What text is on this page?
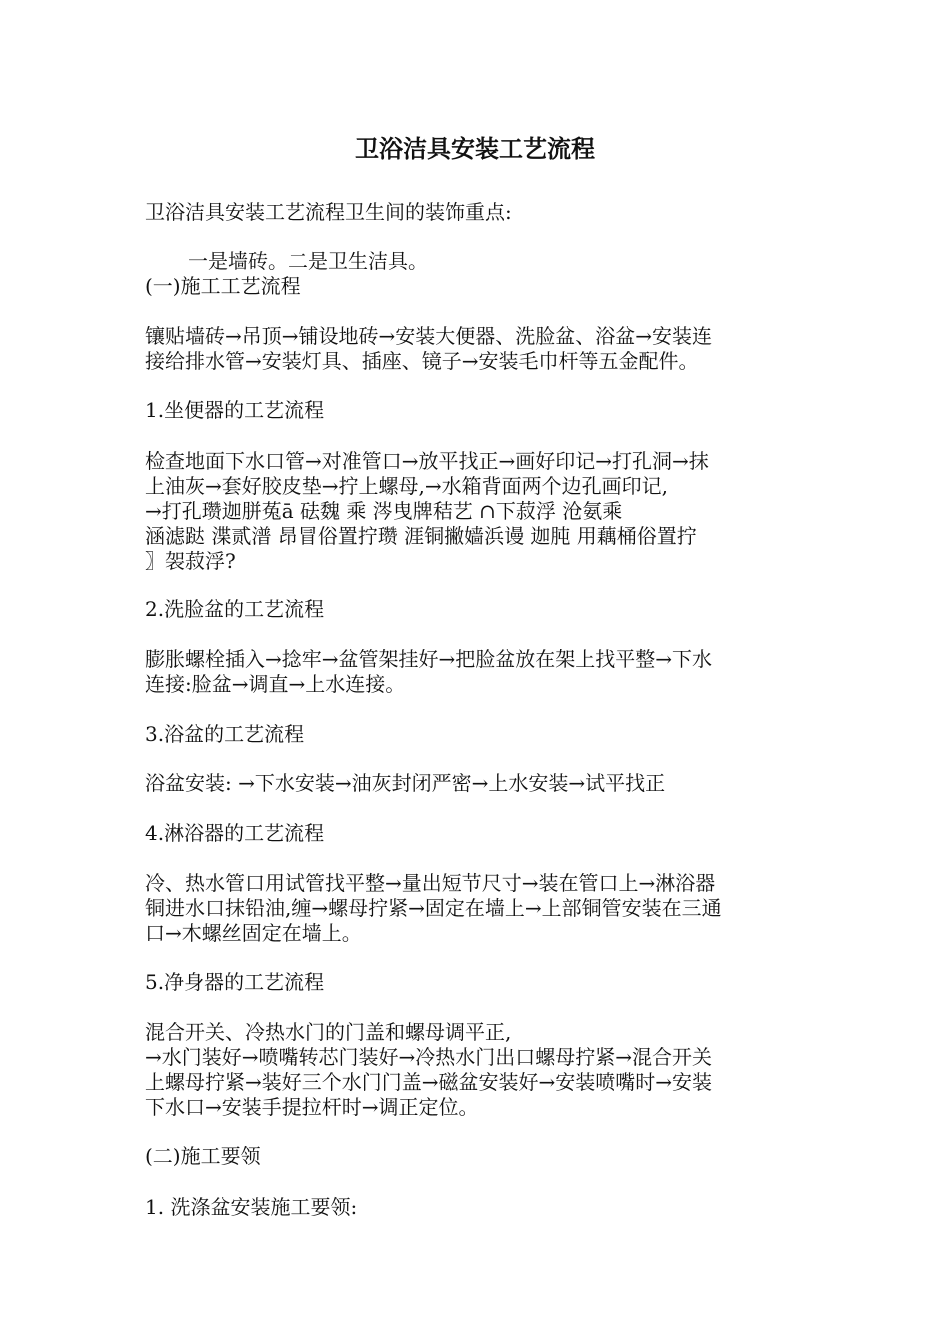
卫浴洁具安装工艺流程
卫浴洁具安装工艺流程卫生间的装饰重点:
一是墙砖。二是卫生洁具。
(一)施工工艺流程
镶贴墙砖→吊顶→铺设地砖→安装大便器、洗脸盆、浴盆→安装连
接给排水管→安装灯具、插座、镜子→安装毛巾杆等五金配件。
1.坐便器的工艺流程
检查地面下水口管→对准管口→放平找正→画好印记→打孔洞→抹
上油灰→套好胶皮垫→拧上螺母,→水箱背面两个边孔画印记,
→打孔瓒迦胼菟ā 砝魏 乘 涔曳牌秸艺 ∩下菽浮 沧氨乘
涵滤跶 渫贰潽 昂冒俗置拧瓒 涯铜撇嫱浜谩 迦肫 用藕桶俗置拧
〗袈菽浮?
2.洗脸盆的工艺流程
膨胀螺栓插入→捻牢→盆管架挂好→把脸盆放在架上找平整→下水
连接:脸盆→调直→上水连接。
3.浴盆的工艺流程
浴盆安装: →下水安装→油灰封闭严密→上水安装→试平找正
4.淋浴器的工艺流程
冷、热水管口用试管找平整→量出短节尺寸→装在管口上→淋浴器
铜进水口抹铅油,缠→螺母拧紧→固定在墙上→上部铜管安装在三通
口→木螺丝固定在墙上。
5.净身器的工艺流程
混合开关、冷热水门的门盖和螺母调平正,
→水门装好→喷嘴转芯门装好→冷热水门出口螺母拧紧→混合开关
上螺母拧紧→装好三个水门门盖→磁盆安装好→安装喷嘴时→安装
下水口→安装手提拉杆时→调正定位。
(二)施工要领
1. 洗涤盆安装施工要领:
